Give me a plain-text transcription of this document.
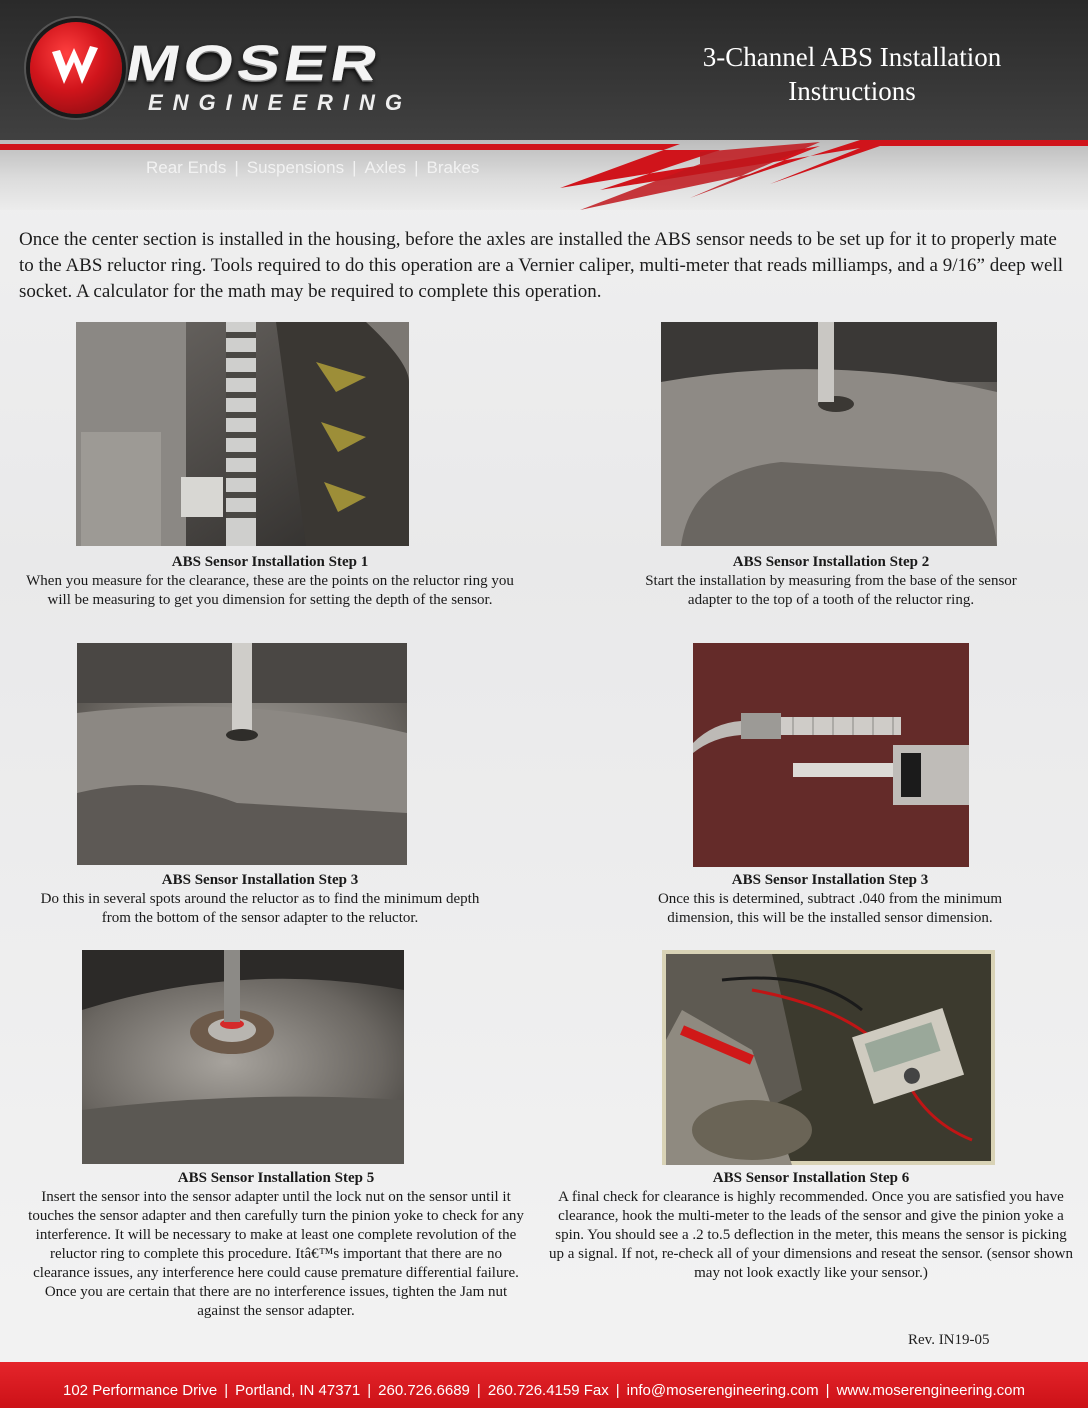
MOSER
ENGINEERING
3-Channel ABS Installation
Instructions
Rear Ends | Suspensions | Axles | Brakes
Once the center section is installed in the housing, before the axles are installed the ABS sensor needs to be set up for it to properly mate to the ABS reluctor ring. Tools required to do this operation are a Vernier caliper, multi-meter that reads milliamps, and a 9/16” deep well socket. A calculator for the math may be required to complete this operation.
ABS Sensor Installation Step 1
When you measure for the clearance, these are the points on the reluctor ring you will be measuring to get you dimension for setting the depth of the sensor.
ABS Sensor Installation Step 2
Start the installation by measuring from the base of the sensor adapter to the top of a tooth of the reluctor ring.
ABS Sensor Installation Step 3
Do this in several spots around the reluctor as to find the minimum depth from the bottom of the sensor adapter to the reluctor.
ABS Sensor Installation Step 3
Once this is determined, subtract .040 from the minimum dimension, this will be the installed sensor dimension.
ABS Sensor Installation Step 5
Insert the sensor into the sensor adapter until the lock nut on the sensor until it touches the sensor adapter and then carefully turn the pinion yoke to check for any interference. It will be necessary to make at least one complete revolution of the reluctor ring to complete this procedure. Itâ€™s important that there are no clearance issues, any interference here could cause premature differential failure. Once you are certain that there are no interference issues, tighten the Jam nut against the sensor adapter.
ABS Sensor Installation Step 6
A final check for clearance is highly recommended. Once you are satisfied you have clearance, hook the multi-meter to the leads of the sensor and give the pinion yoke a spin. You should see a .2 to.5 deflection in the meter, this means the sensor is picking up a signal. If not, re-check all of your dimensions and reseat the sensor. (sensor shown may not look exactly like your sensor.)
Rev. IN19-05
102 Performance Drive | Portland, IN 47371 | 260.726.6689 | 260.726.4159 Fax | info@moserengineering.com | www.moserengineering.com
